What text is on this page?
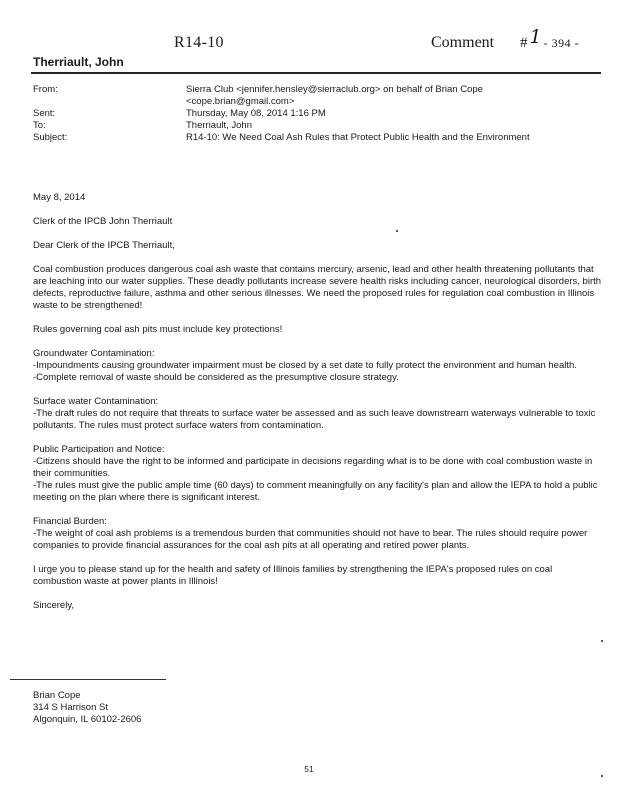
R14-10	Comment # 1 - 394 -
Therriault, John
From:	Sierra Club <jennifer.hensley@sierraclub.org> on behalf of Brian Cope
<cope.brian@gmail.com>
Sent:	Thursday, May 08, 2014 1:16 PM
To:	Therriault, John
Subject:	R14-10: We Need Coal Ash Rules that Protect Public Health and the Environment

May 8, 2014

Clerk of the IPCB John Therriault

Dear Clerk of the IPCB Therriault,

Coal combustion produces dangerous coal ash waste that contains mercury, arsenic, lead and other health threatening pollutants that are leaching into our water supplies. These deadly pollutants increase severe health risks including cancer, neurological disorders, birth defects, reproductive failure, asthma and other serious illnesses. We need the proposed rules for regulation coal combustion in Illinois waste to be strengthened!

Rules governing coal ash pits must include key protections!

Groundwater Contamination:
-Impoundments causing groundwater impairment must be closed by a set date to fully protect the environment and human health.
-Complete removal of waste should be considered as the presumptive closure strategy.

Surface water Contamination:
-The draft rules do not require that threats to surface water be assessed and as such leave downstream waterways vulnerable to toxic pollutants. The rules must protect surface waters from contamination.

Public Participation and Notice:
-Citizens should have the right to be informed and participate in decisions regarding what is to be done with coal combustion waste in their communities.
-The rules must give the public ample time (60 days) to comment meaningfully on any facility's plan and allow the IEPA to hold a public meeting on the plan where there is significant interest.

Financial Burden:
-The weight of coal ash problems is a tremendous burden that communities should not have to bear. The rules should require power companies to provide financial assurances for the coal ash pits at all operating and retired power plants.

I urge you to please stand up for the health and safety of Illinois families by strengthening the IEPA's proposed rules on coal combustion waste at power plants in Illinois!

Sincerely,

Brian Cope
314 S Harrison St
Algonquin, IL 60102-2606
51
